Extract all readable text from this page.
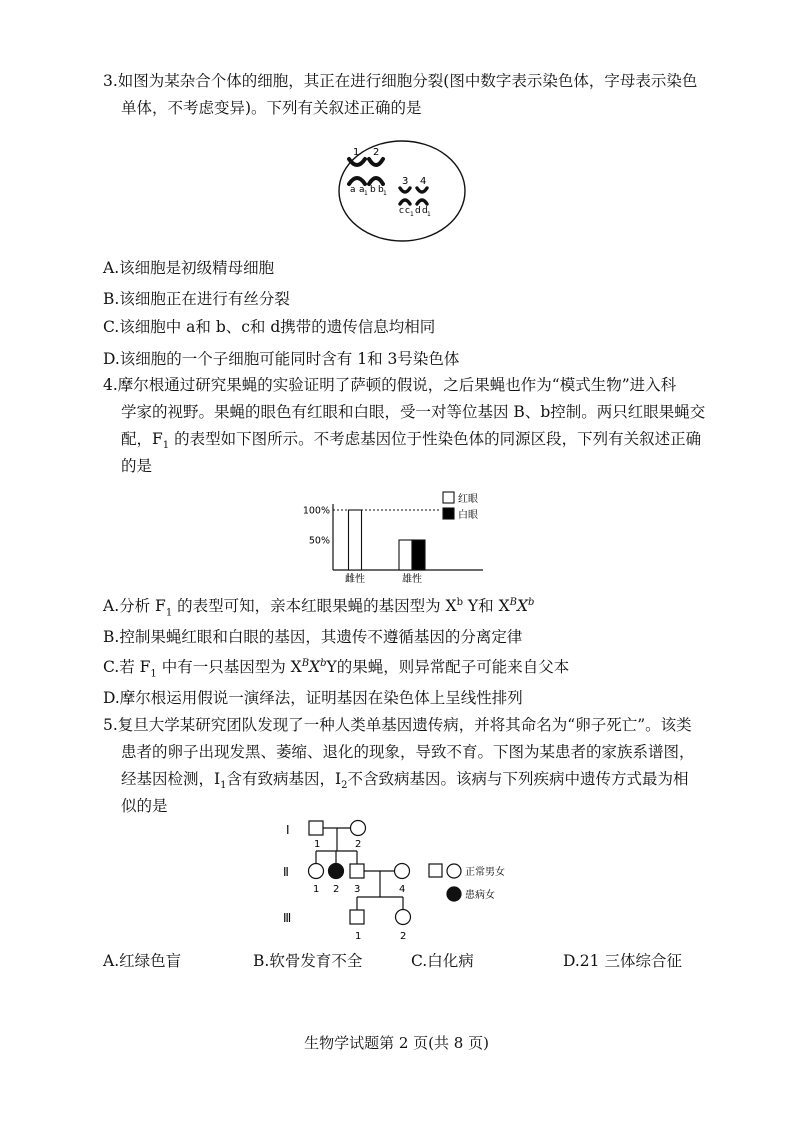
3.如图为某杂合个体的细胞，其正在进行细胞分裂(图中数字表示染色体，字母表示染色
单体，不考虑变异)。下列有关叙述正确的是
1 2
a a 1 b b 1
3 4
c c 1 d d 1
A.该细胞是初级精母细胞
B.该细胞正在进行有丝分裂
C.该细胞中 a和 b、c和 d携带的遗传信息均相同
D.该细胞的一个子细胞可能同时含有 1和 3号染色体
4.摩尔根通过研究果蝇的实验证明了萨顿的假说，之后果蝇也作为“模式生物”进入科
学家的视野。果蝇的眼色有红眼和白眼，受一对等位基因 B、b控制。两只红眼果蝇交
配，$F_1$ 的表型如下图所示。不考虑基因位于性染色体的同源区段，下列有关叙述正确
的是
100%
50%
雌性	雄性
红眼
白眼
A.分析 $F_1$ 的表型可知，亲本红眼果蝇的基因型为 $X^b$ Y和 $X^BX^b$
B.控制果蝇红眼和白眼的基因，其遗传不遵循基因的分离定律
C.若 $F_1$ 中有一只基因型为 $X^BX^bY$的果蝇，则异常配子可能来自父本
D.摩尔根运用假说一演绎法，证明基因在染色体上呈线性排列
5.复旦大学某研究团队发现了一种人类单基因遗传病，并将其命名为“卵子死亡”。该类
患者的卵子出现发黑、萎缩、退化的现象，导致不育。下图为某患者的家族系谱图，
经基因检测，$Ⅰ_1$含有致病基因，$Ⅰ_2$不含致病基因。该病与下列疾病中遗传方式最为相
似的是
Ⅰ
Ⅱ
Ⅲ
1	2
1 2 3	4
1	2
正常男女
患病女
A.红绿色盲	B.软骨发育不全	C.白化病	D.21 三体综合征
生物学试题第 2 页(共 8 页)
